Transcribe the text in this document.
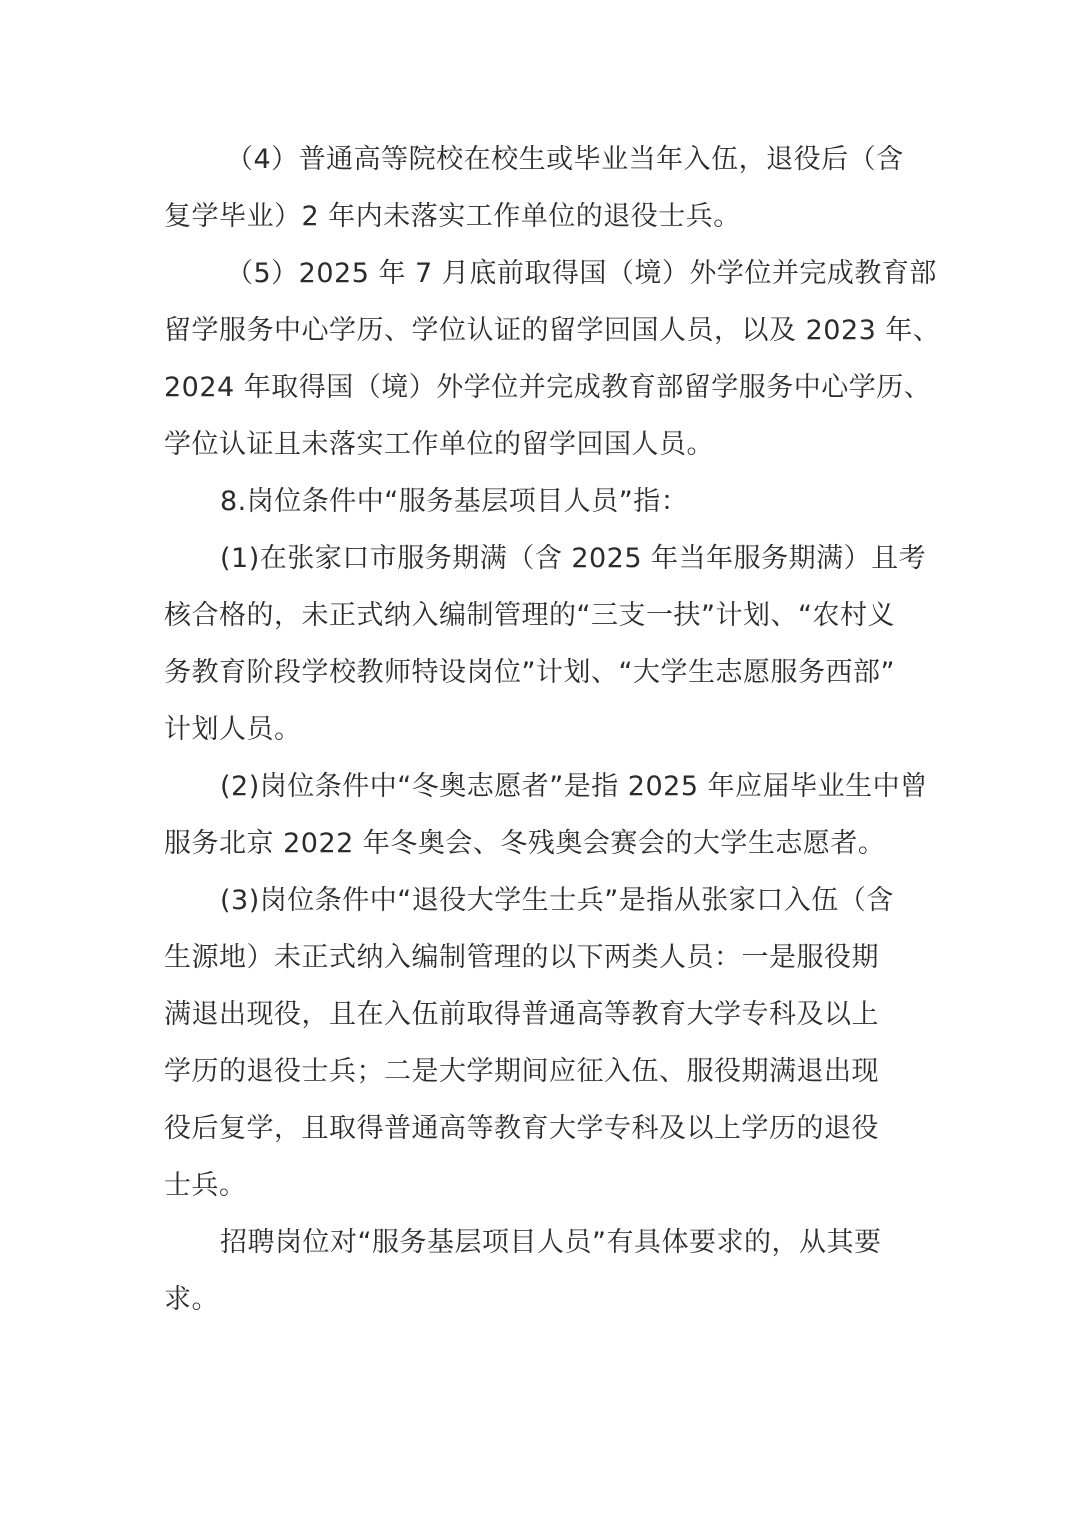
（4）普通高等院校在校生或毕业当年入伍，退役后（含
复学毕业）2 年内未落实工作单位的退役士兵。
（5）2025 年 7 月底前取得国（境）外学位并完成教育部
留学服务中心学历、学位认证的留学回国人员，以及 2023 年、
2024 年取得国（境）外学位并完成教育部留学服务中心学历、
学位认证且未落实工作单位的留学回国人员。
8.岗位条件中“服务基层项目人员”指：
(1)在张家口市服务期满（含 2025 年当年服务期满）且考
核合格的，未正式纳入编制管理的“三支一扶”计划、“农村义
务教育阶段学校教师特设岗位”计划、“大学生志愿服务西部”
计划人员。
(2)岗位条件中“冬奥志愿者”是指 2025 年应届毕业生中曾
服务北京 2022 年冬奥会、冬残奥会赛会的大学生志愿者。
(3)岗位条件中“退役大学生士兵”是指从张家口入伍（含
生源地）未正式纳入编制管理的以下两类人员：一是服役期
满退出现役，且在入伍前取得普通高等教育大学专科及以上
学历的退役士兵；二是大学期间应征入伍、服役期满退出现
役后复学，且取得普通高等教育大学专科及以上学历的退役
士兵。
招聘岗位对“服务基层项目人员”有具体要求的，从其要
求。
